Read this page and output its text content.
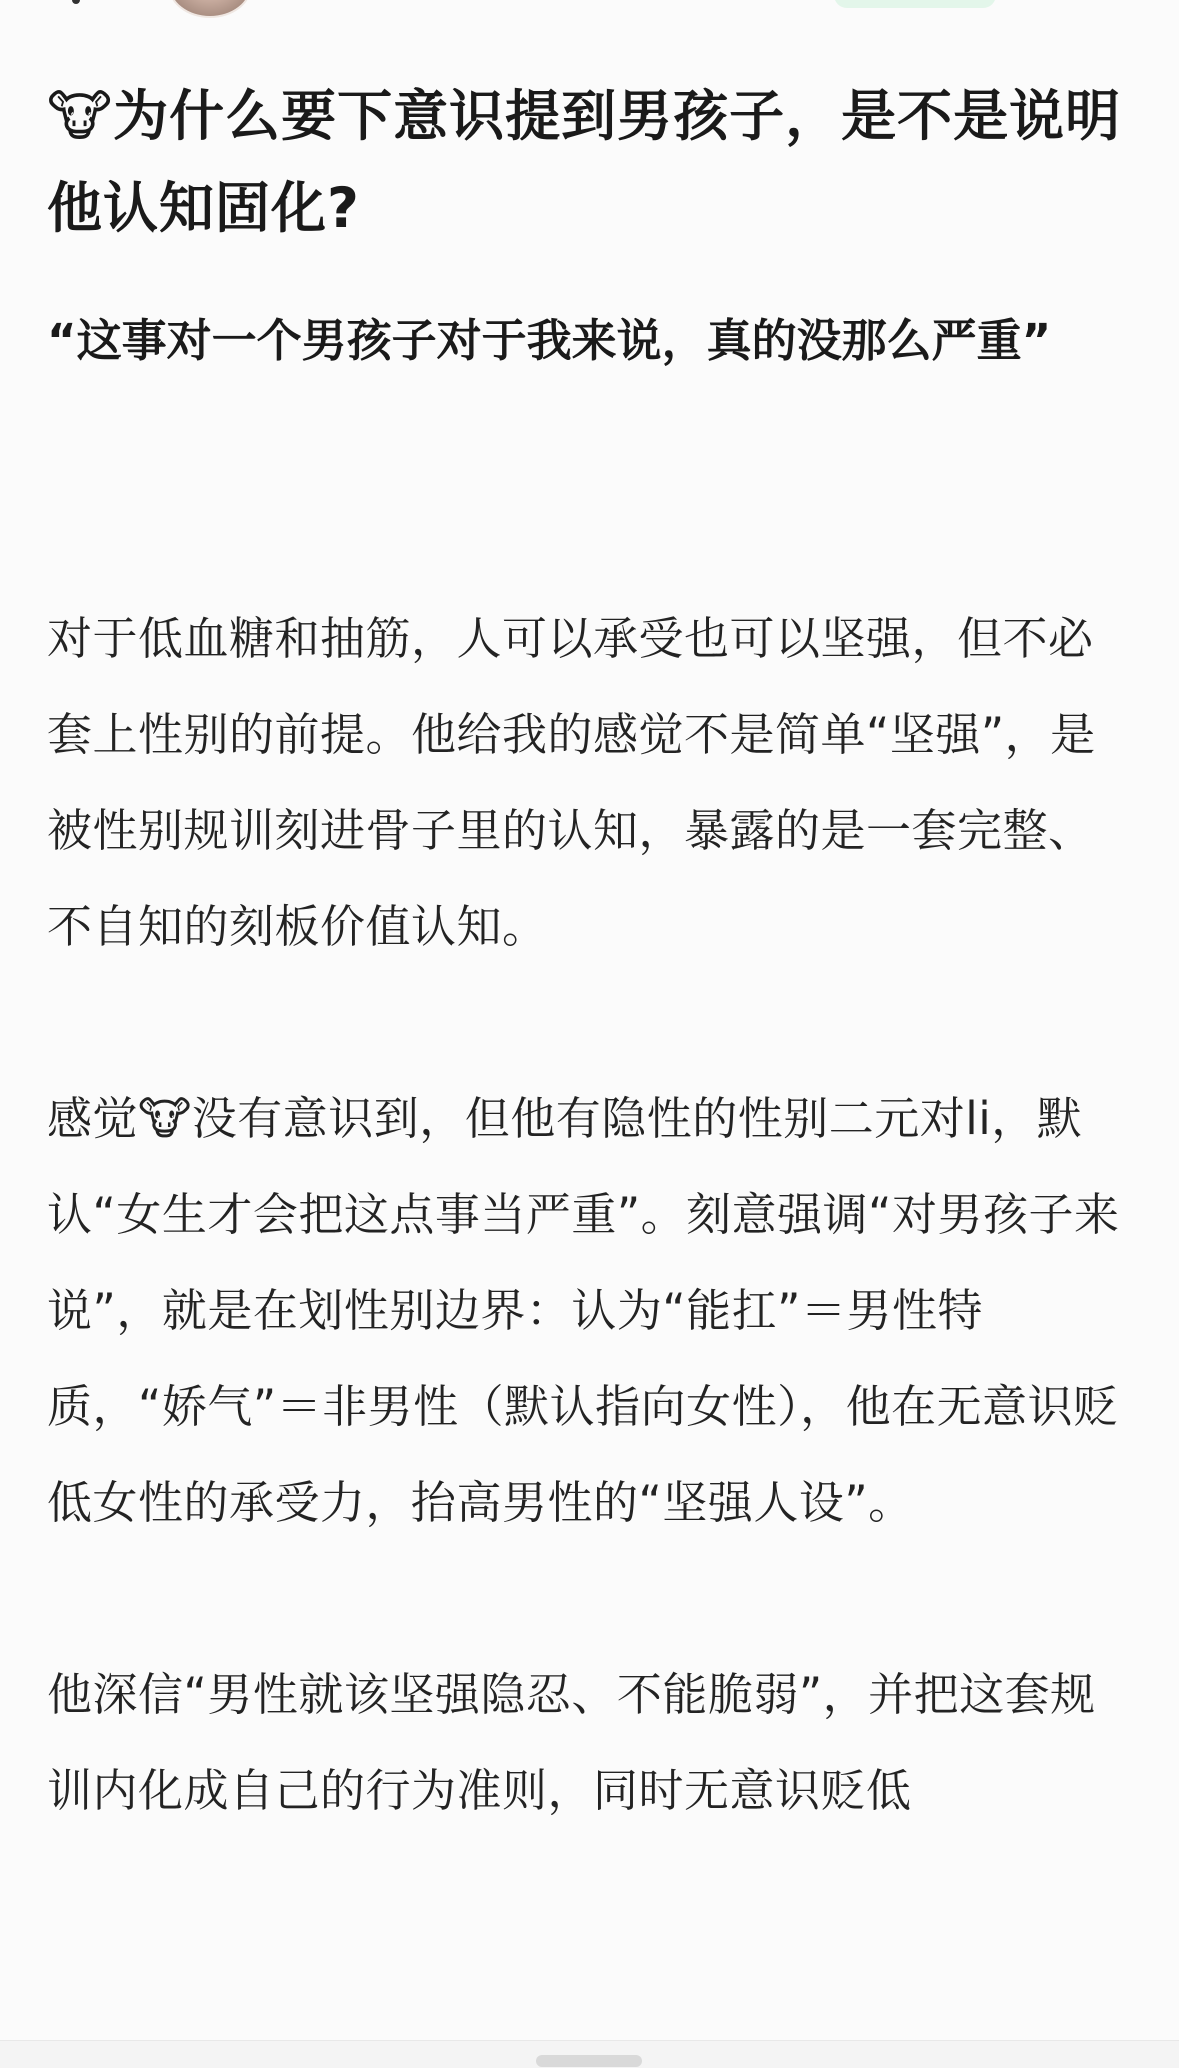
🐮为什么要下意识提到男孩子，是不是说明他认知固化?

“这事对一个男孩子对于我来说，真的没那么严重”

对于低血糖和抽筋，人可以承受也可以坚强，但不必套上性别的前提。他给我的感觉不是简单“坚强”，是被性别规训刻进骨子里的认知，暴露的是一套完整、不自知的刻板价值认知。

感觉🐮没有意识到，但他有隐性的性别二元对li，默认“女生才会把这点事当严重”。刻意强调“对男孩子来说”，就是在划性别边界：认为“能扛”＝男性特质，“娇气”＝非男性（默认指向女性），他在无意识贬低女性的承受力，抬高男性的“坚强人设”。

他深信“男性就该坚强隐忍、不能脆弱”，并把这套规训内化成自己的行为准则，同时无意识贬低
